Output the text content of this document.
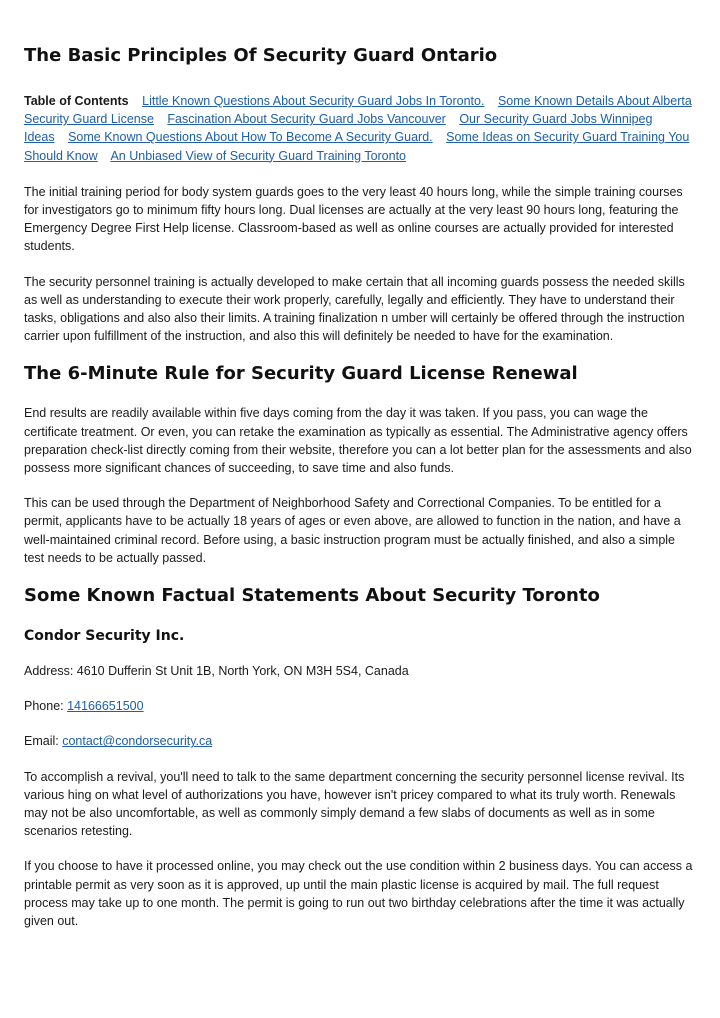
The Basic Principles Of Security Guard Ontario
Table of Contents Little Known Questions About Security Guard Jobs In Toronto. Some Known Details About Alberta Security Guard License Fascination About Security Guard Jobs Vancouver Our Security Guard Jobs Winnipeg Ideas Some Known Questions About How To Become A Security Guard. Some Ideas on Security Guard Training You Should Know An Unbiased View of Security Guard Training Toronto

The initial training period for body system guards goes to the very least 40 hours long, while the simple training courses for investigators go to minimum fifty hours long. Dual licenses are actually at the very least 90 hours long, featuring the Emergency Degree First Help license. Classroom-based as well as online courses are actually provided for interested students.

The security personnel training is actually developed to make certain that all incoming guards possess the needed skills as well as understanding to execute their work properly, carefully, legally and efficiently. They have to understand their tasks, obligations and also also their limits. A training finalization n umber will certainly be offered through the instruction carrier upon fulfillment of the instruction, and also this will definitely be needed to have for the examination.

The 6-Minute Rule for Security Guard License Renewal

End results are readily available within five days coming from the day it was taken. If you pass, you can wage the certificate treatment. Or even, you can retake the examination as typically as essential. The Administrative agency offers preparation check-list directly coming from their website, therefore you can a lot better plan for the assessments and also possess more significant chances of succeeding, to save time and also funds.

This can be used through the Department of Neighborhood Safety and Correctional Companies. To be entitled for a permit, applicants have to be actually 18 years of ages or even above, are allowed to function in the nation, and have a well-maintained criminal record. Before using, a basic instruction program must be actually finished, and also a simple test needs to be actually passed.

Some Known Factual Statements About Security Toronto
Condor Security Inc.

Address: 4610 Dufferin St Unit 1B, North York, ON M3H 5S4, Canada

Phone: 14166651500

Email: contact@condorsecurity.ca

To accomplish a revival, you'll need to talk to the same department concerning the security personnel license revival. Its various hing on what level of authorizations you have, however isn't pricey compared to what its truly worth. Renewals may not be also uncomfortable, as well as commonly simply demand a few slabs of documents as well as in some scenarios retesting.

If you choose to have it processed online, you may check out the use condition within 2 business days. You can access a printable permit as very soon as it is approved, up until the main plastic license is acquired by mail. The full request process may take up to one month. The permit is going to run out two birthday celebrations after the time it was actually given out.
